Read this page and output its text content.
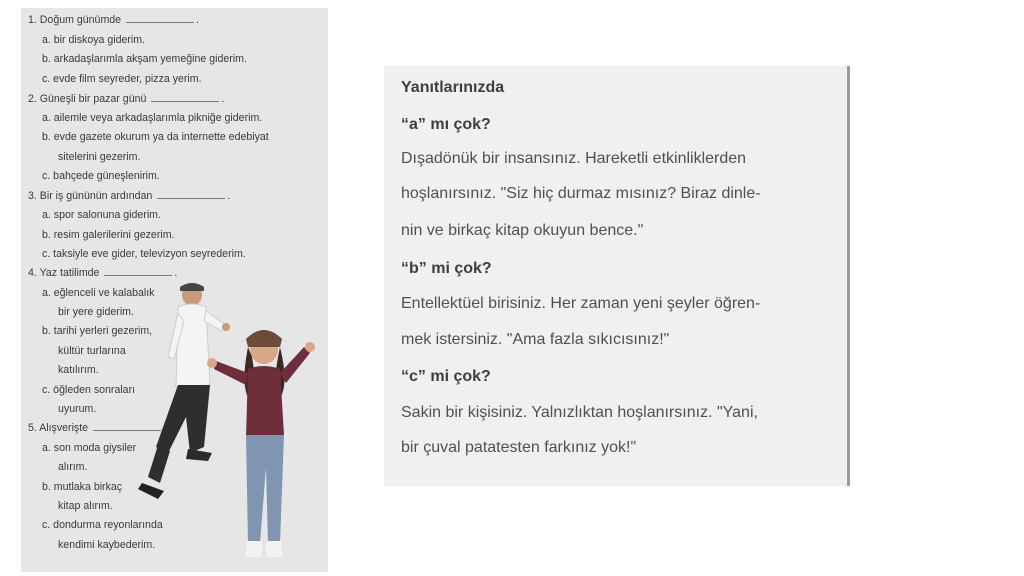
1. Doğum günümde	.
a. bir diskoya giderim.
b. arkadaşlarımla akşam yemeğine giderim.
c. evde film seyreder, pizza yerim.
2. Güneşli bir pazar günü	.
a. ailemle veya arkadaşlarımla pikniğe giderim.
b. evde gazete okurum ya da internette edebiyat
sitelerini gezerim.
c. bahçede güneşlenirim.
3. Bir iş gününün ardından	.
a. spor salonuna giderim.
b. resim galerilerini gezerim.
c. taksiyle eve gider, televizyon seyrederim.
4. Yaz tatilimde	.
a. eğlenceli ve kalabalık
bir yere giderim.
b. tarihi yerleri gezerim,
kültür turlarına
katılırım.
c. öğleden sonraları
uyurum.
5. Alışverişte
a. son moda giysiler
alırım.
b. mutlaka birkaç
kitap alırım.
c. dondurma reyonlarında
kendimi kaybederim.
Yanıtlarınızda
“a” mı çok?
Dışadönük bir insansınız. Hareketli etkinliklerden
hoşlanırsınız. "Siz hiç durmaz mısınız? Biraz dinle-
nin ve birkaç kitap okuyun bence."
“b” mi çok?
Entellektüel birisiniz. Her zaman yeni şeyler öğren-
mek istersiniz. "Ama fazla sıkıcısınız!"
“c” mi çok?
Sakin bir kişisiniz. Yalnızlıktan hoşlanırsınız. "Yani,
bir çuval patatesten farkınız yok!"
